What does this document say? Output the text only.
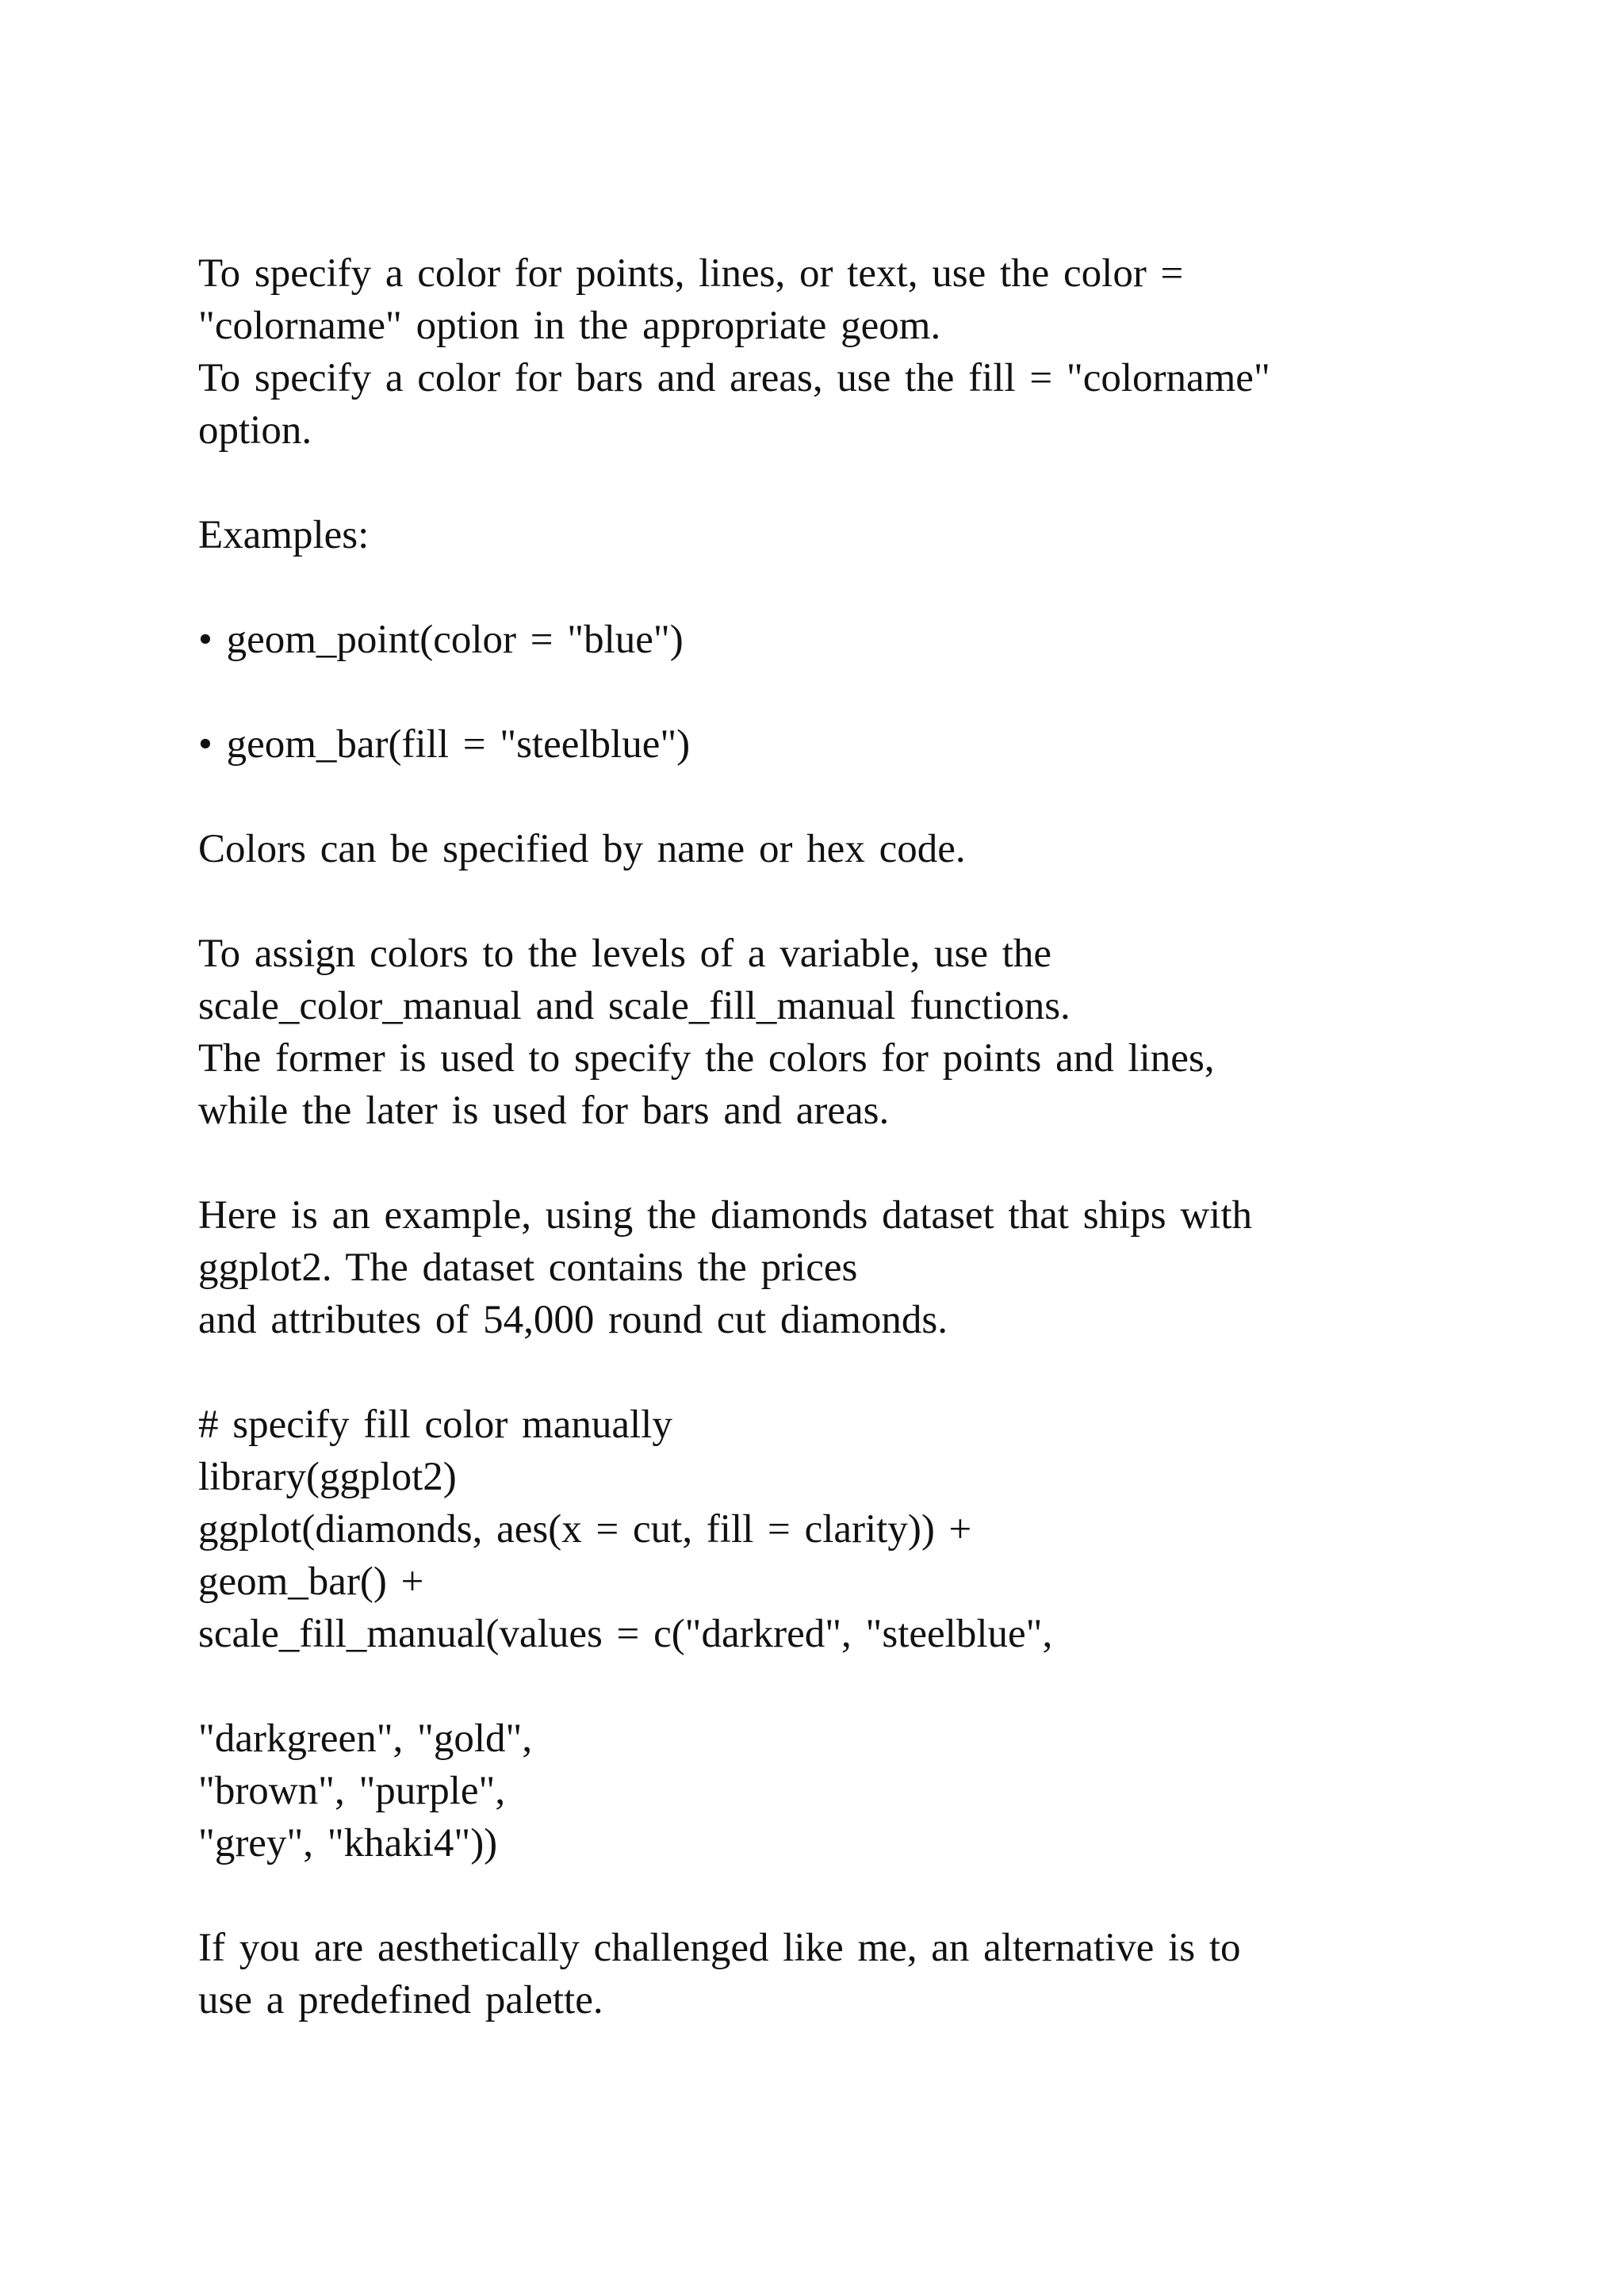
To specify a color for points, lines, or text, use the color =
"colorname" option in the appropriate geom.
To specify a color for bars and areas, use the fill = "colorname"
option.
Examples:
• geom_point(color = "blue")
• geom_bar(fill = "steelblue")
Colors can be specified by name or hex code.
To assign colors to the levels of a variable, use the
scale_color_manual and scale_fill_manual functions.
The former is used to specify the colors for points and lines,
while the later is used for bars and areas.
Here is an example, using the diamonds dataset that ships with
ggplot2. The dataset contains the prices
and attributes of 54,000 round cut diamonds.
# specify fill color manually
library(ggplot2)
ggplot(diamonds, aes(x = cut, fill = clarity)) +
geom_bar() +
scale_fill_manual(values = c("darkred", "steelblue",
"darkgreen", "gold",
"brown", "purple",
"grey", "khaki4"))
If you are aesthetically challenged like me, an alternative is to
use a predefined palette.
